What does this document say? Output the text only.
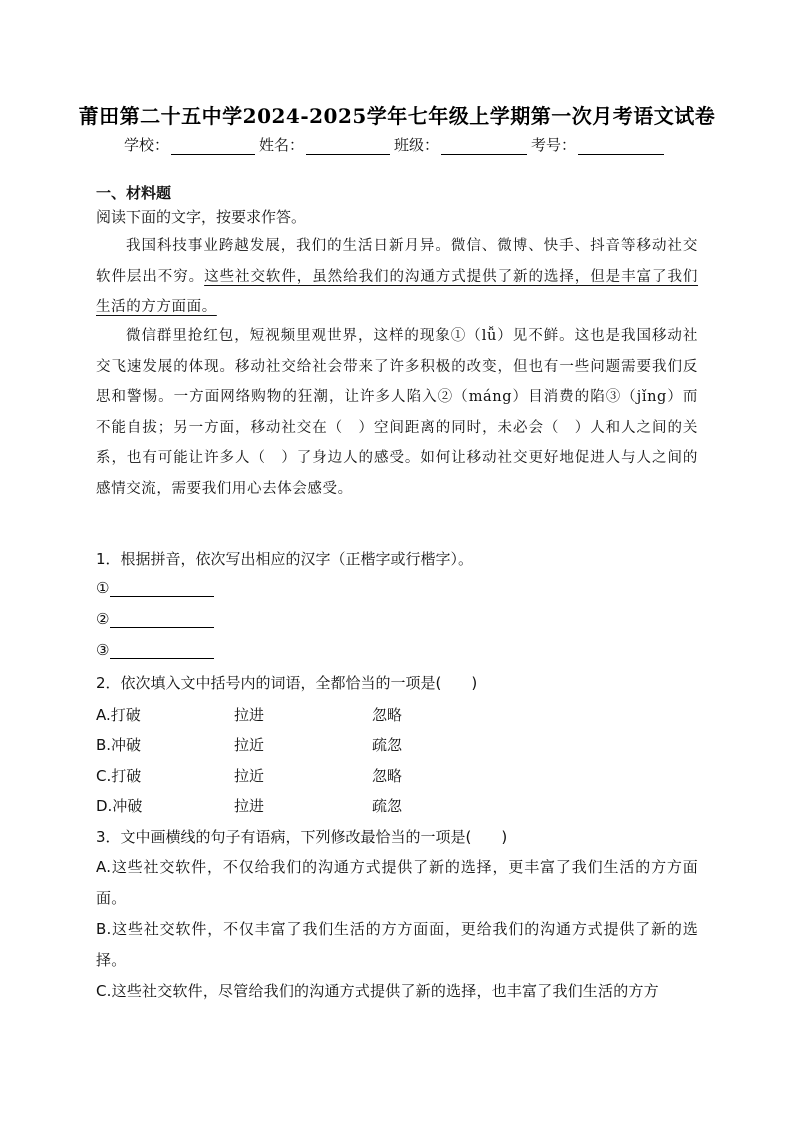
莆田第二十五中学2024-2025学年七年级上学期第一次月考语文试卷
学校：	姓名：	班级：	考号：
一、材料题
阅读下面的文字，按要求作答。
我国科技事业跨越发展，我们的生活日新月异。微信、微博、快手、抖音等移动社交软件层出不穷。这些社交软件，虽然给我们的沟通方式提供了新的选择，但是丰富了我们生活的方方面面。
微信群里抢红包，短视频里观世界，这样的现象①（lǚ）见不鲜。这也是我国移动社交飞速发展的体现。移动社交给社会带来了许多积极的改变，但也有一些问题需要我们反思和警惕。一方面网络购物的狂潮，让许多人陷入②（máng）目消费的陷③（jǐng）而不能自拔；另一方面，移动社交在（　）空间距离的同时，未必会（　）人和人之间的关系，也有可能让许多人（　）了身边人的感受。如何让移动社交更好地促进人与人之间的感情交流，需要我们用心去体会感受。
1．根据拼音，依次写出相应的汉字（正楷字或行楷字）。
①
②
③
2．依次填入文中括号内的词语，全都恰当的一项是(　　)
A.打破	拉进	忽略
B.冲破	拉近	疏忽
C.打破	拉近	忽略
D.冲破	拉进	疏忽
3．文中画横线的句子有语病，下列修改最恰当的一项是(　　)
A.这些社交软件，不仅给我们的沟通方式提供了新的选择，更丰富了我们生活的方方面面。
B.这些社交软件，不仅丰富了我们生活的方方面面，更给我们的沟通方式提供了新的选择。
C.这些社交软件，尽管给我们的沟通方式提供了新的选择，也丰富了我们生活的方方
